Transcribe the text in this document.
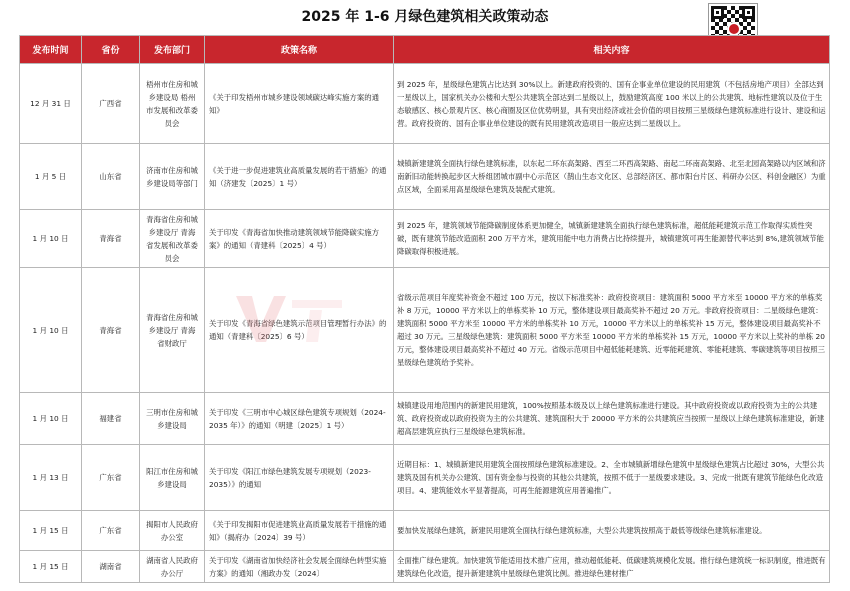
2025 年 1-6 月绿色建筑相关政策动态
发布时间	省份	发布部门	政策名称	相关内容
12 月 31 日	广西省	梧州市住房和城乡建设局 梧州市发展和改革委员会	《关于印发梧州市城乡建设领域碳达峰实施方案的通知》	到 2025 年，星级绿色建筑占比达到 30%以上。新建政府投资的、国有企事业单位建设的民用建筑（不包括房地产项目）全部达到一星级以上，国家机关办公楼和大型公共建筑全部达到二星级以上，鼓励建筑高度 100 米以上的公共建筑、地标性建筑以及位于生态敏感区、核心景观片区、核心商圈及区位优势明显，具有突出经济或社会价值的项目按照三星级绿色建筑标准进行设计、建设和运营。政府投资的、国有企事业单位建设的既有民用建筑改造项目一般应达到二星级以上。
1 月 5 日	山东省	济南市住房和城乡建设局等部门	《关于进一步促进建筑业高质量发展的若干措施》的通知（济建发〔2025〕1 号）	城镇新建建筑全面执行绿色建筑标准，以东起二环东高架路、西至二环西高架路、南起二环南高架路、北至北园高架路以内区域和济南新旧动能转换起步区大桥组团城市副中心示范区（鹊山生态文化区、总部经济区、都市阳台片区、科研办公区、科创金融区）为重点区域，全面采用高星级绿色建筑及装配式建筑。
1 月 10 日	青海省	青海省住房和城乡建设厅 青海省发展和改革委员会	关于印发《青海省加快推动建筑领域节能降碳实施方案》的通知（青建科〔2025〕4 号）	到 2025 年，建筑领域节能降碳制度体系更加健全，城镇新建建筑全面执行绿色建筑标准，超低能耗建筑示范工作取得实质性突破，既有建筑节能改造面积 200 万平方米，建筑用能中电力消费占比持续提升，城镇建筑可再生能源替代率达到 8%,建筑领域节能降碳取得积极进展。
1 月 10 日	青海省	青海省住房和城乡建设厅 青海省财政厅	关于印发《青海省绿色建筑示范项目管理暂行办法》的通知（青建科〔2025〕6 号）	省级示范项目年度奖补资金不超过 100 万元，按以下标准奖补：政府投资项目：建筑面积 5000 平方米至 10000 平方米的单栋奖补 8 万元，10000 平方米以上的单栋奖补 10 万元，整体建设项目最高奖补不超过 20 万元。非政府投资项目：二星级绿色建筑：建筑面积 5000 平方米至 10000 平方米的单栋奖补 10 万元，10000 平方米以上的单栋奖补 15 万元，整体建设项目最高奖补不超过 30 万元。三星级绿色建筑：建筑面积 5000 平方米至 10000 平方米的单栋奖补 15 万元，10000 平方米以上奖补的单栋 20 万元，整体建设项目最高奖补不超过 40 万元。省级示范项目中超低能耗建筑、近零能耗建筑、零能耗建筑、零碳建筑等项目按照三星级绿色建筑给予奖补。
1 月 10 日	福建省	三明市住房和城乡建设局	关于印发《三明市中心城区绿色建筑专项规划（2024-2035 年）》的通知（明建〔2025〕1 号）	城镇建设用地范围内的新建民用建筑，100%按照基本级及以上绿色建筑标准进行建设。其中政府投资或以政府投资为主的公共建筑、政府投资或以政府投资为主的公共建筑、建筑面积大于 20000 平方米的公共建筑应当按照一星级以上绿色建筑标准建设，新建超高层建筑应执行三星级绿色建筑标准。
1 月 13 日	广东省	阳江市住房和城乡建设局	关于印发《阳江市绿色建筑发展专项规划（2023-2035）》的通知	近期目标：1、城镇新建民用建筑全面按照绿色建筑标准建设。2、全市城镇新增绿色建筑中星级绿色建筑占比超过 30%，大型公共建筑及国有机关办公建筑、国有资金参与投资的其他公共建筑，按照不低于一星级要求建设。3、完成一批既有建筑节能绿色化改造项目。4、建筑能效水平显著提高，可再生能源建筑应用普遍推广。
1 月 15 日	广东省	揭阳市人民政府办公室	《关于印发揭阳市促进建筑业高质量发展若干措施的通知》（揭府办〔2024〕39 号）	要加快发展绿色建筑，新建民用建筑全面执行绿色建筑标准，大型公共建筑按照高于最低等级绿色建筑标准建设。
1 月 15 日	湖南省	湖南省人民政府办公厅	关于印发《湖南省加快经济社会发展全面绿色转型实施方案》的通知（湘政办发〔2024〕	全面推广绿色建筑。加快建筑节能适用技术推广应用，推动超低能耗、低碳建筑规模化发展。推行绿色建筑统一标识制度，推进既有建筑绿色化改造，提升新建建筑中星级绿色建筑比例。推进绿色建材推广
